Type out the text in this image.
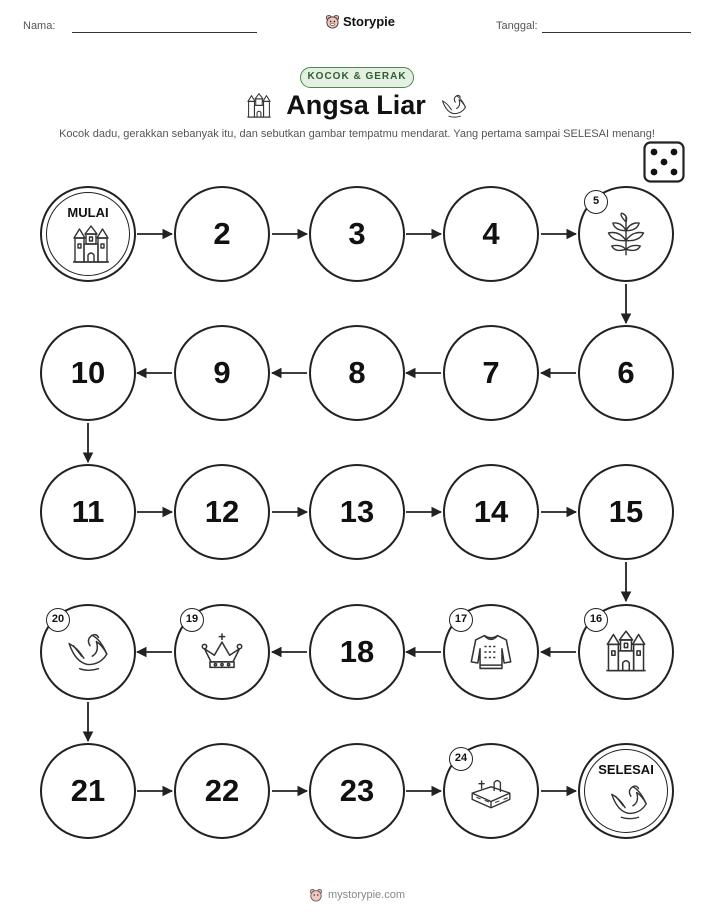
Nama:	Storypie	Tanggal:
KOCOK & GERAK
Angsa Liar
Kocok dadu, gerakkan sebanyak itu, dan sebutkan gambar tempatmu mendarat. Yang pertama sampai SELESAI menang!
MULAI
2	3	4
5
6
7
8
9
10
11	12	13	14	15
16
17
18
19
20
21	22	23
24
SELESAI
mystorypie.com
